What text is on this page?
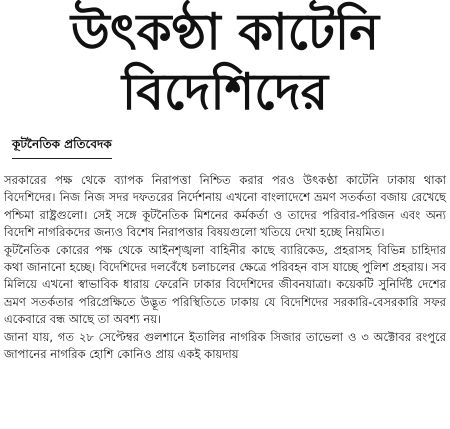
উৎকণ্ঠা কাটেনি
বিদেশিদের
কূটনৈতিক প্রতিবেদক

সরকারের পক্ষ থেকে ব্যাপক নিরাপত্তা নিশ্চিত করার পরও উৎকণ্ঠা কাটেনি ঢাকায় থাকা বিদেশিদের। নিজ নিজ সদর দফতরের নির্দেশনায় এখনো বাংলাদেশে ভ্রমণ সতর্কতা বজায় রেখেছে পশ্চিমা রাষ্ট্রগুলো। সেই সঙ্গে কূটনৈতিক মিশনের কর্মকর্তা ও তাদের পরিবার-পরিজন এবং অন্য বিদেশি নাগরিকদের জন্যও বিশেষ নিরাপত্তার বিষয়গুলো খতিয়ে দেখা হচ্ছে নিয়মিত।

কূটনৈতিক কোরের পক্ষ থেকে আইনশৃঙ্খলা বাহিনীর কাছে ব্যারিকেড, প্রহরাসহ বিভিন্ন চাহিদার কথা জানানো হচ্ছে। বিদেশিদের দলবেঁধে চলাচলের ক্ষেত্রে পরিবহন বাস যাচ্ছে পুলিশ প্রহরায়। সব মিলিয়ে এখনো স্বাভাবিক ধারায় ফেরেনি ঢাকার বিদেশিদের জীবনযাত্রা। কয়েকটি সুনির্দিষ্ট দেশের ভ্রমণ সতর্কতার পরিপ্রেক্ষিতে উদ্ভূত পরিস্থিতিতে ঢাকায় যে বিদেশিদের সরকারি-বেসরকারি সফর একেবারে বন্ধ আছে তা অবশ্য নয়।

জানা যায়, গত ২৮ সেপ্টেম্বর গুলশানে ইতালির নাগরিক সিজার তাভেলা ও ৩ অক্টোবর রংপুরে জাপানের নাগরিক হোশি কোনিও প্রায় একই কায়দায়
